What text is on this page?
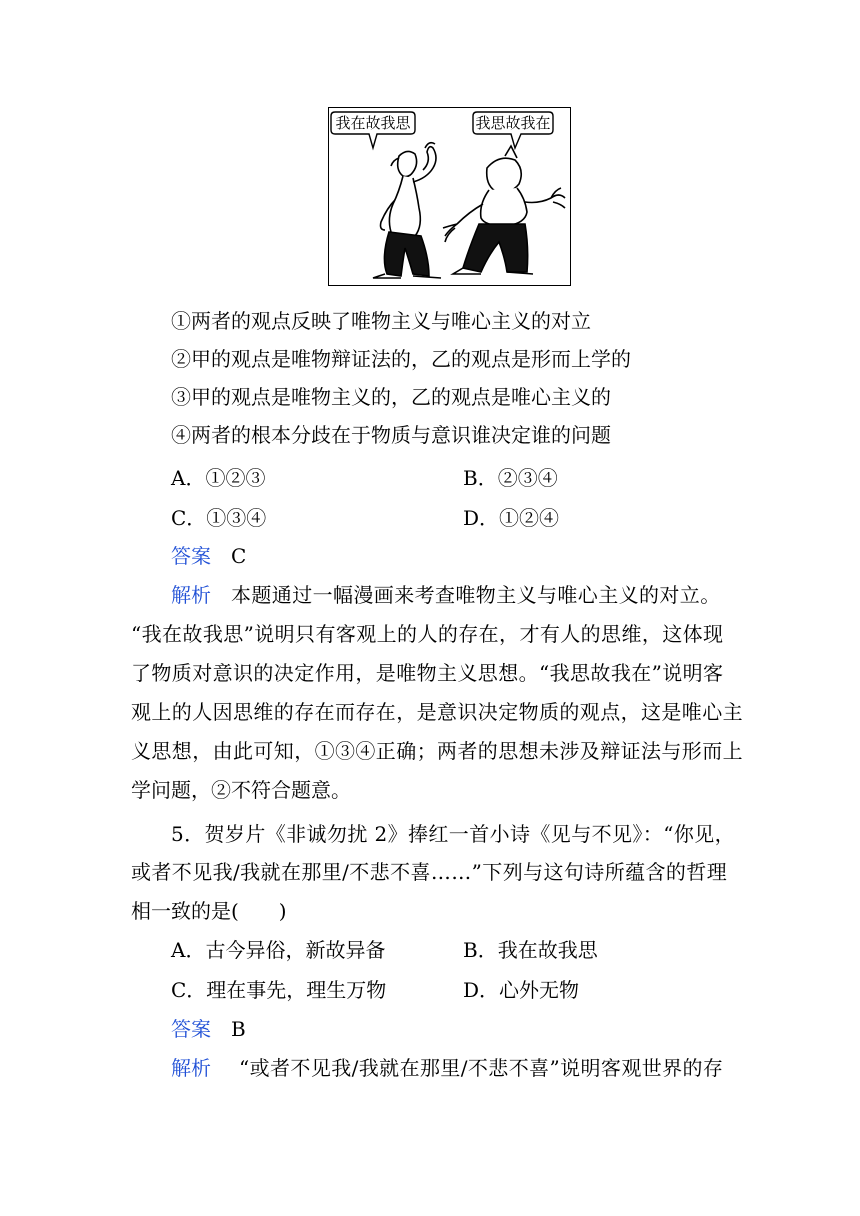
我在故我思	我思故我在
①两者的观点反映了唯物主义与唯心主义的对立
②甲的观点是唯物辩证法的，乙的观点是形而上学的
③甲的观点是唯物主义的，乙的观点是唯心主义的
④两者的根本分歧在于物质与意识谁决定谁的问题
A．①②③	B．②③④
C．①③④	D．①②④
答案 C
解析 本题通过一幅漫画来考查唯物主义与唯心主义的对立。
“我在故我思”说明只有客观上的人的存在，才有人的思维，这体现
了物质对意识的决定作用，是唯物主义思想。“我思故我在”说明客
观上的人因思维的存在而存在，是意识决定物质的观点，这是唯心主
义思想，由此可知，①③④正确；两者的思想未涉及辩证法与形而上
学问题，②不符合题意。
5．贺岁片《非诚勿扰 2》捧红一首小诗《见与不见》：“你见，
或者不见我/我就在那里/不悲不喜……”下列与这句诗所蕴含的哲理
相一致的是(　　)
A．古今异俗，新故异备	B．我在故我思
C．理在事先，理生万物	D．心外无物
答案 B
解析 “或者不见我/我就在那里/不悲不喜”说明客观世界的存
